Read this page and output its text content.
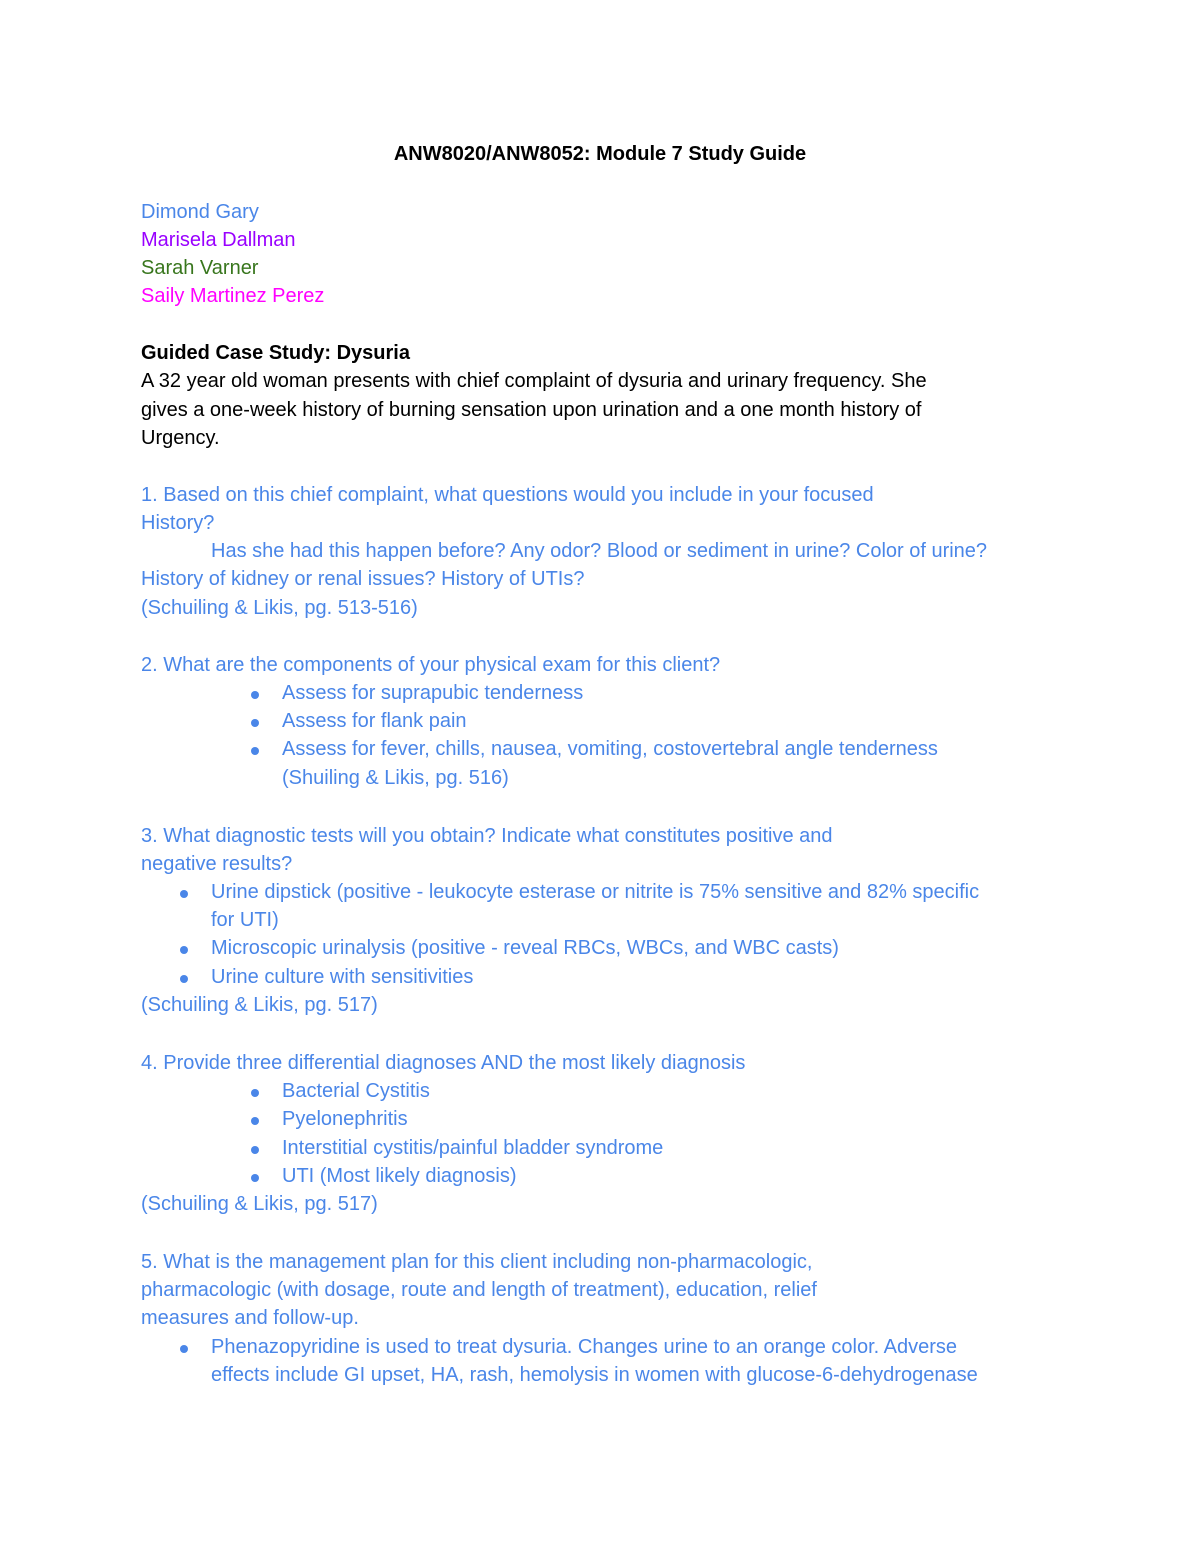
ANW8020/ANW8052: Module 7 Study Guide
Dimond Gary
Marisela Dallman
Sarah Varner
Saily Martinez Perez
Guided Case Study: Dysuria
A 32 year old woman presents with chief complaint of dysuria and urinary frequency. She
gives a one-week history of burning sensation upon urination and a one month history of
Urgency.
1. Based on this chief complaint, what questions would you include in your focused
History?
Has she had this happen before? Any odor? Blood or sediment in urine? Color of urine?
History of kidney or renal issues? History of UTIs?
(Schuiling & Likis, pg. 513-516)
2. What are the components of your physical exam for this client?
Assess for suprapubic tenderness
Assess for flank pain
Assess for fever, chills, nausea, vomiting, costovertebral angle tenderness
(Shuiling & Likis, pg. 516)
3. What diagnostic tests will you obtain? Indicate what constitutes positive and
negative results?
Urine dipstick (positive - leukocyte esterase or nitrite is 75% sensitive and 82% specific
for UTI)
Microscopic urinalysis (positive - reveal RBCs, WBCs, and WBC casts)
Urine culture with sensitivities
(Schuiling & Likis, pg. 517)
4. Provide three differential diagnoses AND the most likely diagnosis
Bacterial Cystitis
Pyelonephritis
Interstitial cystitis/painful bladder syndrome
UTI (Most likely diagnosis)
(Schuiling & Likis, pg. 517)
5. What is the management plan for this client including non-pharmacologic,
pharmacologic (with dosage, route and length of treatment), education, relief
measures and follow-up.
Phenazopyridine is used to treat dysuria. Changes urine to an orange color. Adverse
effects include GI upset, HA, rash, hemolysis in women with glucose-6-dehydrogenase
